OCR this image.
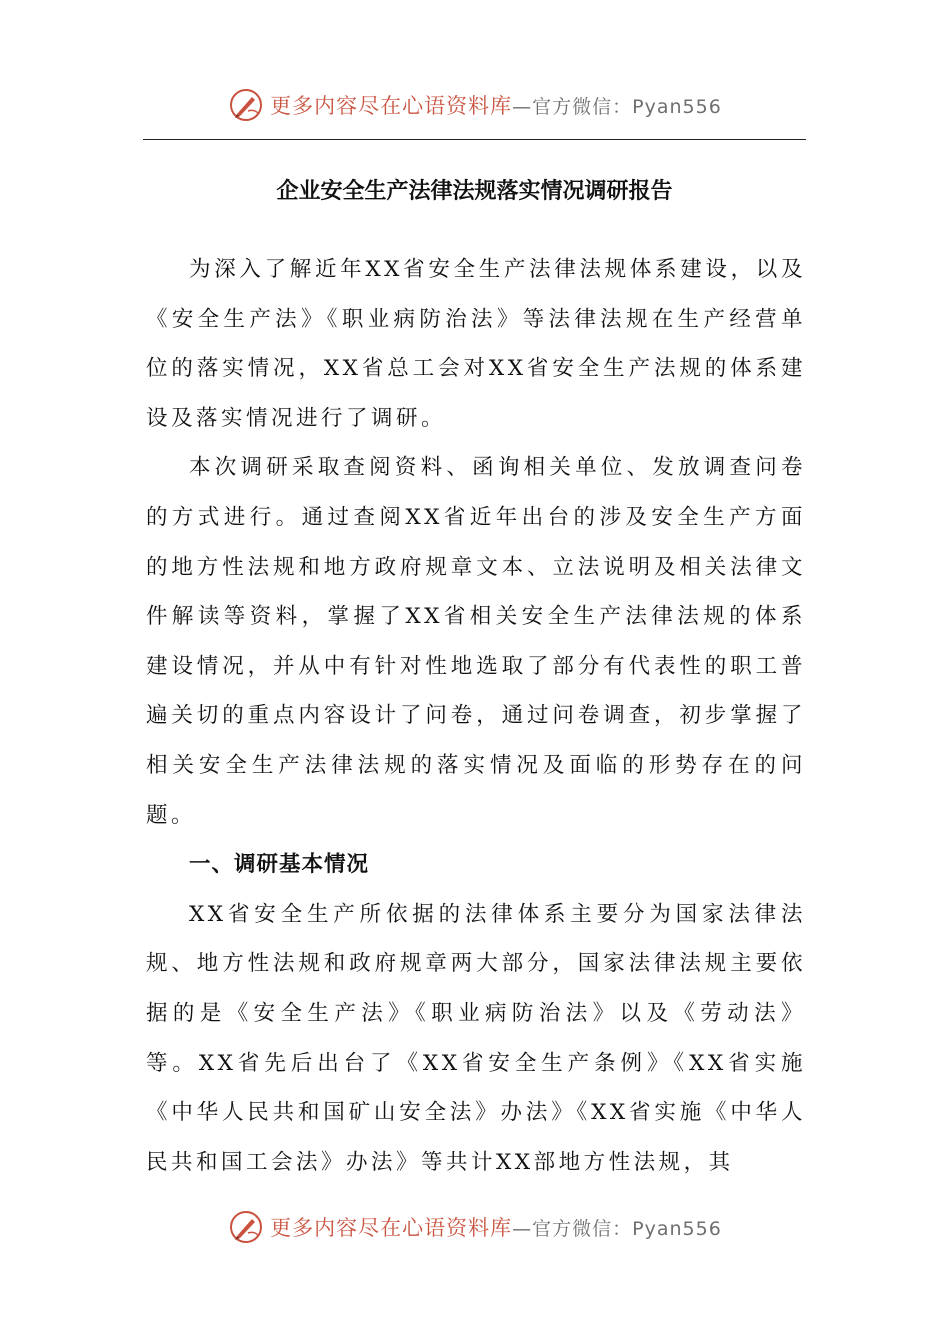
更多内容尽在心语资料库 —官方微信：Pyan556
企业安全生产法律法规落实情况调研报告

为深入了解近年XX省安全生产法律法规体系建设，以及《安全生产法》《职业病防治法》等法律法规在生产经营单位的落实情况，XX省总工会对XX省安全生产法规的体系建设及落实情况进行了调研。

本次调研采取查阅资料、函询相关单位、发放调查问卷的方式进行。通过查阅XX省近年出台的涉及安全生产方面的地方性法规和地方政府规章文本、立法说明及相关法律文件解读等资料，掌握了XX省相关安全生产法律法规的体系建设情况，并从中有针对性地选取了部分有代表性的职工普遍关切的重点内容设计了问卷，通过问卷调查，初步掌握了相关安全生产法律法规的落实情况及面临的形势存在的问题。

一、调研基本情况

XX省安全生产所依据的法律体系主要分为国家法律法规、地方性法规和政府规章两大部分，国家法律法规主要依据的是《安全生产法》《职业病防治法》以及《劳动法》等。XX省先后出台了《XX省安全生产条例》《XX省实施《中华人民共和国矿山安全法》办法》《XX省实施《中华人民共和国工会法》办法》等共计XX部地方性法规，其

更多内容尽在心语资料库 —官方微信：Pyan556
